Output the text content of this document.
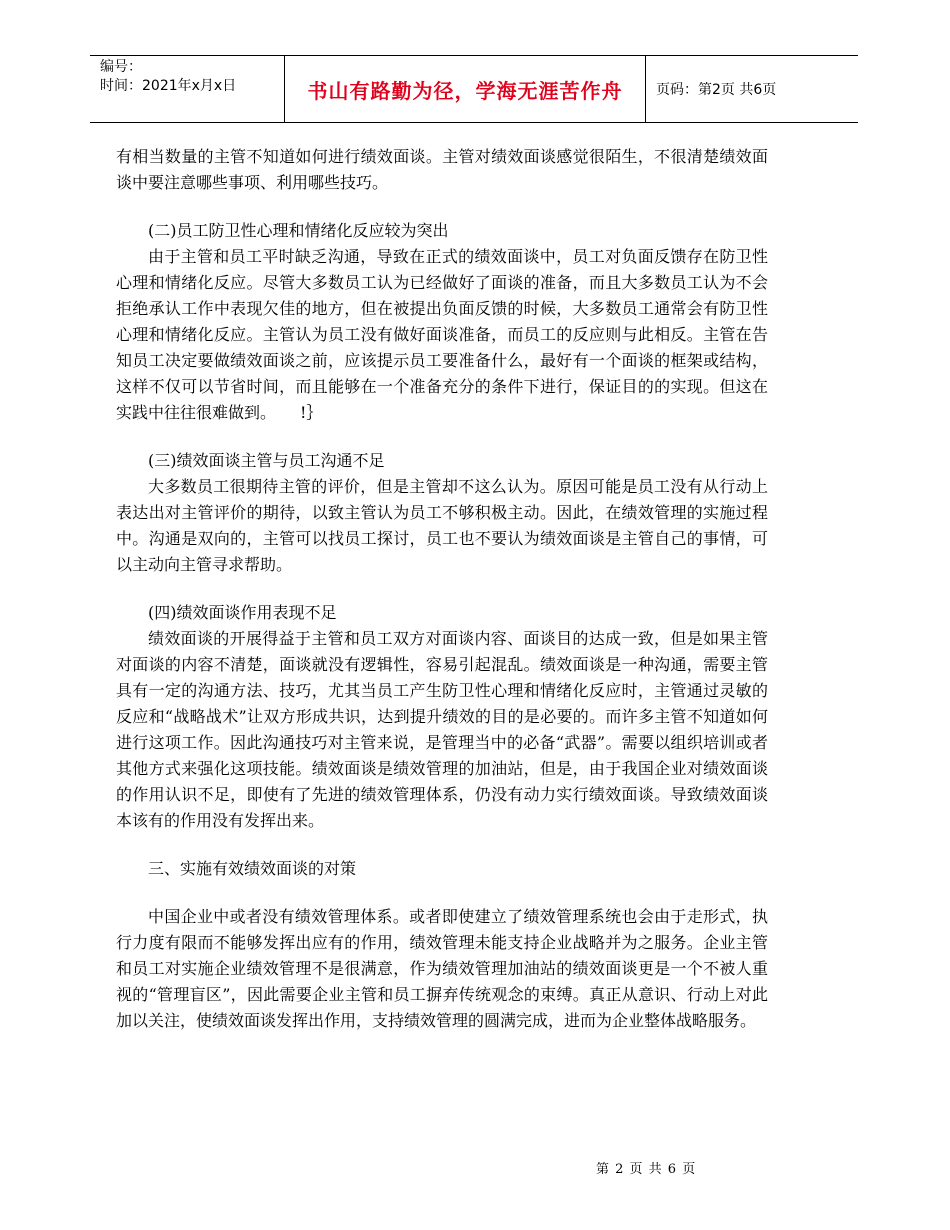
编号：
时间：2021年x月x日	书山有路勤为径，学海无涯苦作舟	页码：第2页 共6页

有相当数量的主管不知道如何进行绩效面谈。主管对绩效面谈感觉很陌生，不很清楚绩效面谈中要注意哪些事项、利用哪些技巧。

(二)员工防卫性心理和情绪化反应较为突出

由于主管和员工平时缺乏沟通，导致在正式的绩效面谈中，员工对负面反馈存在防卫性心理和情绪化反应。尽管大多数员工认为已经做好了面谈的准备，而且大多数员工认为不会拒绝承认工作中表现欠佳的地方，但在被提出负面反馈的时候，大多数员工通常会有防卫性心理和情绪化反应。主管认为员工没有做好面谈准备，而员工的反应则与此相反。主管在告知员工决定要做绩效面谈之前，应该提示员工要准备什么，最好有一个面谈的框架或结构，这样不仅可以节省时间，而且能够在一个准备充分的条件下进行，保证目的的实现。但这在实践中往往很难做到。　　!｝

(三)绩效面谈主管与员工沟通不足

大多数员工很期待主管的评价，但是主管却不这么认为。原因可能是员工没有从行动上表达出对主管评价的期待，以致主管认为员工不够积极主动。因此，在绩效管理的实施过程中。沟通是双向的，主管可以找员工探讨，员工也不要认为绩效面谈是主管自己的事情，可以主动向主管寻求帮助。

(四)绩效面谈作用表现不足

绩效面谈的开展得益于主管和员工双方对面谈内容、面谈目的达成一致，但是如果主管对面谈的内容不清楚，面谈就没有逻辑性，容易引起混乱。绩效面谈是一种沟通，需要主管具有一定的沟通方法、技巧，尤其当员工产生防卫性心理和情绪化反应时，主管通过灵敏的反应和“战略战术”让双方形成共识，达到提升绩效的目的是必要的。而许多主管不知道如何进行这项工作。因此沟通技巧对主管来说，是管理当中的必备“武器”。需要以组织培训或者其他方式来强化这项技能。绩效面谈是绩效管理的加油站，但是，由于我国企业对绩效面谈的作用认识不足，即使有了先进的绩效管理体系，仍没有动力实行绩效面谈。导致绩效面谈本该有的作用没有发挥出来。

三、实施有效绩效面谈的对策

中国企业中或者没有绩效管理体系。或者即使建立了绩效管理系统也会由于走形式，执行力度有限而不能够发挥出应有的作用，绩效管理未能支持企业战略并为之服务。企业主管和员工对实施企业绩效管理不是很满意，作为绩效管理加油站的绩效面谈更是一个不被人重视的“管理盲区”，因此需要企业主管和员工摒弃传统观念的束缚。真正从意识、行动上对此加以关注，使绩效面谈发挥出作用，支持绩效管理的圆满完成，进而为企业整体战略服务。

第 2 页 共 6 页
